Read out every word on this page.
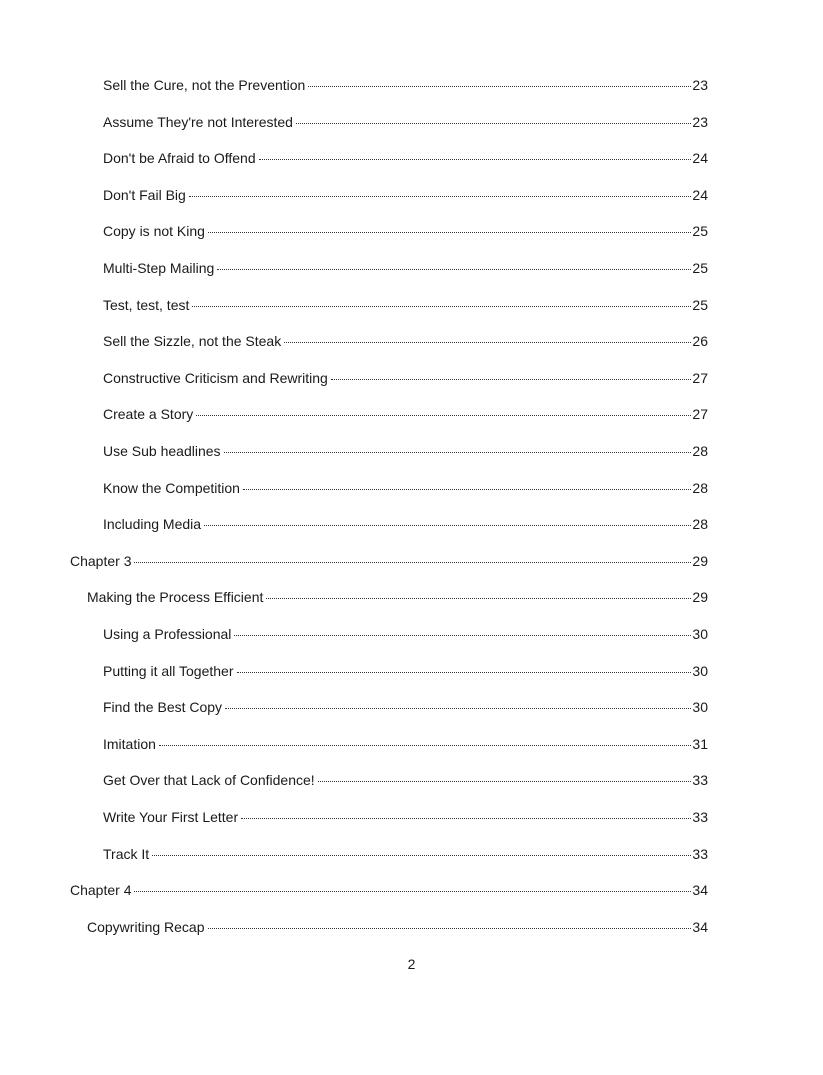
Sell the Cure, not the Prevention	23
Assume They're not Interested	23
Don't be Afraid to Offend	24
Don't Fail Big	24
Copy is not King	25
Multi-Step Mailing	25
Test, test, test	25
Sell the Sizzle, not the Steak	26
Constructive Criticism and Rewriting	27
Create a Story	27
Use Sub headlines	28
Know the Competition	28
Including Media	28
Chapter 3	29
Making the Process Efficient	29
Using a Professional	30
Putting it all Together	30
Find the Best Copy	30
Imitation	31
Get Over that Lack of Confidence!	33
Write Your First Letter	33
Track It	33
Chapter 4	34
Copywriting Recap	34
2
